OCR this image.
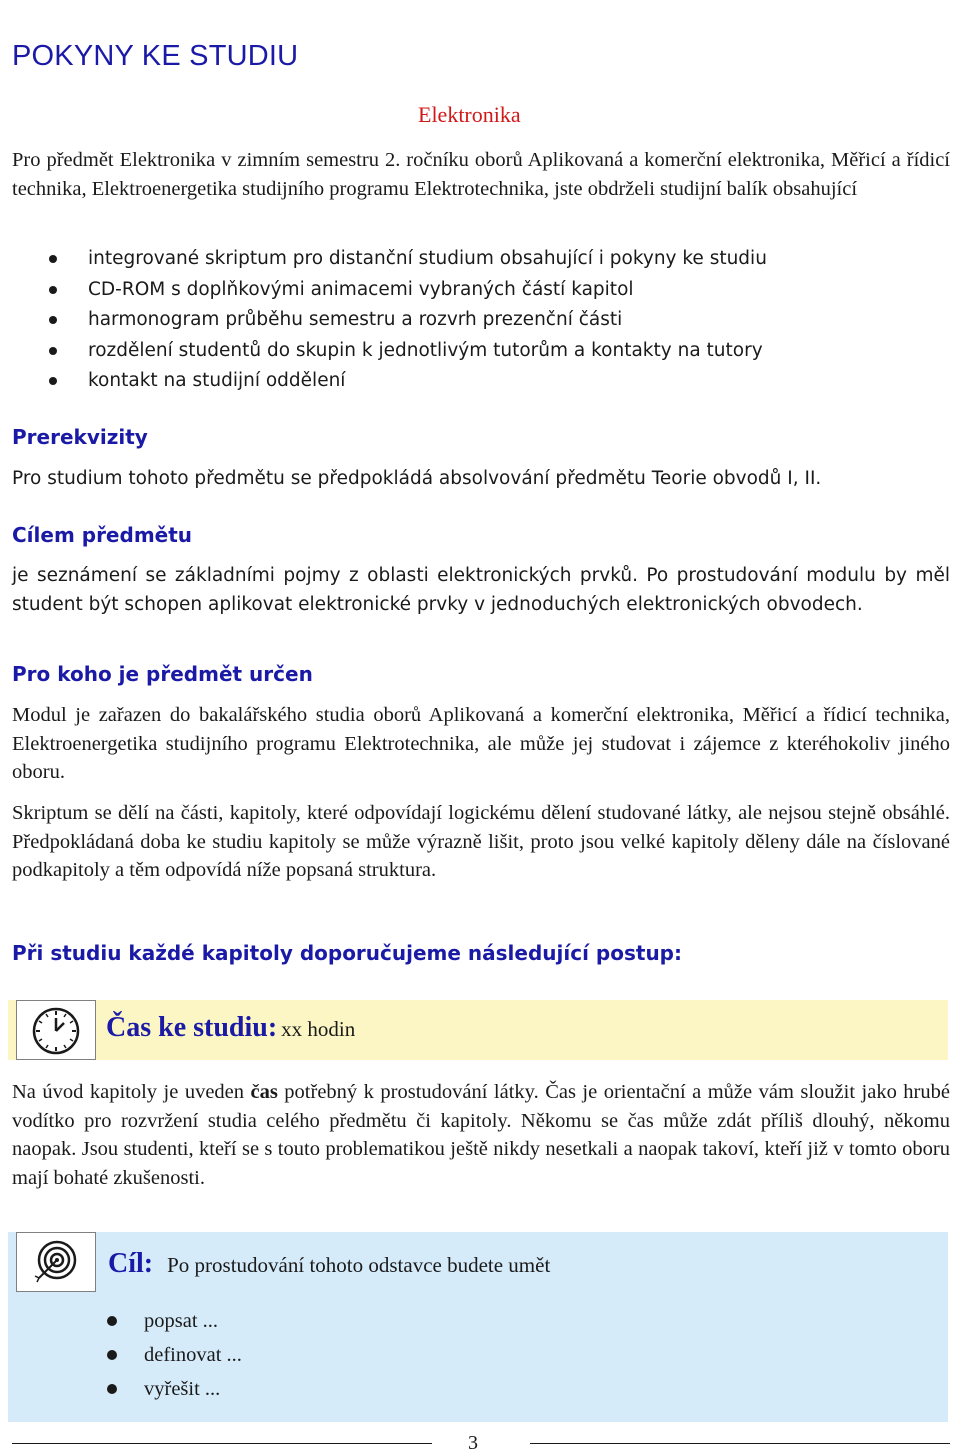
POKYNY KE STUDIU
Elektronika
Pro předmět Elektronika v zimním semestru 2. ročníku oborů Aplikovaná a komerční elektronika, Měřicí a řídicí technika, Elektroenergetika studijního programu Elektrotechnika, jste obdrželi studijní balík obsahující
integrované skriptum pro distanční studium obsahující i pokyny ke studiu
CD-ROM s doplňkovými animacemi vybraných částí kapitol
harmonogram průběhu semestru a rozvrh prezenční části
rozdělení studentů do skupin k jednotlivým tutorům a kontakty na tutory
kontakt na studijní oddělení
Prerekvizity
Pro studium tohoto předmětu se předpokládá absolvování předmětu Teorie obvodů I, II.
Cílem předmětu
je seznámení se základními pojmy z oblasti elektronických prvků. Po prostudování modulu by měl student být schopen aplikovat elektronické prvky v jednoduchých elektronických obvodech.
Pro koho je předmět určen
Modul je zařazen do bakalářského studia oborů Aplikovaná a komerční elektronika, Měřicí a řídicí technika, Elektroenergetika studijního programu Elektrotechnika, ale může jej studovat i zájemce z kteréhokoliv jiného oboru.
Skriptum se dělí na části, kapitoly, které odpovídají logickému dělení studované látky, ale nejsou stejně obsáhlé. Předpokládaná doba ke studiu kapitoly se může výrazně lišit, proto jsou velké kapitoly děleny dále na číslované podkapitoly a těm odpovídá níže popsaná struktura.
Při studiu každé kapitoly doporučujeme následující postup:
Čas ke studiu: xx hodin
Na úvod kapitoly je uveden čas potřebný k prostudování látky. Čas je orientační a může vám sloužit jako hrubé vodítko pro rozvržení studia celého předmětu či kapitoly. Někomu se čas může zdát příliš dlouhý, někomu naopak. Jsou studenti, kteří se s touto problematikou ještě nikdy nesetkali a naopak takoví, kteří již v tomto oboru mají bohaté zkušenosti.
Cíl: Po prostudování tohoto odstavce budete umět
popsat ...
definovat ...
vyřešit ...
3
